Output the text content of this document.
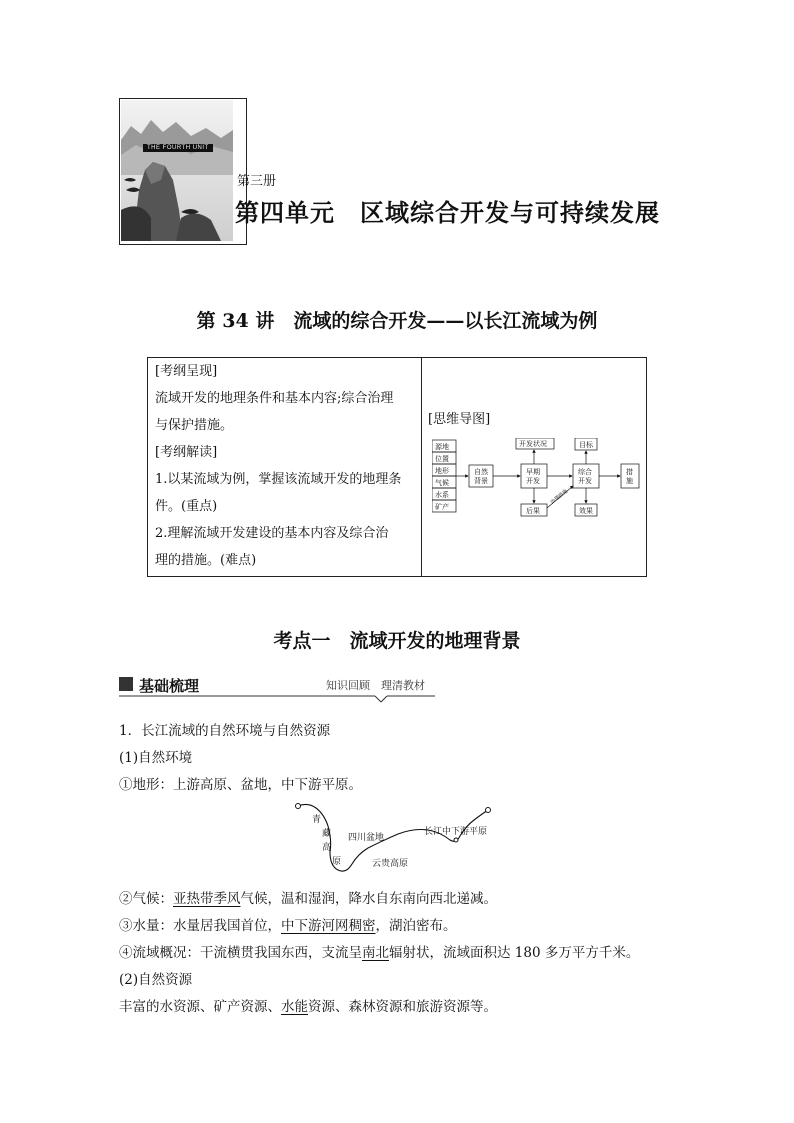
THE FOURTH UNIT
第三册
第四单元　区域综合开发与可持续发展
第 34 讲　流域的综合开发——以长江流域为例
[考纲呈现]
流域开发的地理条件和基本内容;综合治理
与保护措施。
[考纲解读]
1.以某流域为例，掌握该流域开发的地理条
件。(重点)
2.理解流域开发建设的基本内容及综合治
理的措施。(难点)
[思维导图]
源地
位置
地形
气候
水系
矿产
自然
背景
早期
开发
开发状况
后果
治理措施
综合
开发
目标
效果
措
施
考点一　流域开发的地理背景
基础梳理	知识回顾　理清教材
1．长江流域的自然环境与自然资源
(1)自然环境
①地形：上游高原、盆地，中下游平原。
青
藏
高
原
四川盆地
云贵高原
长江中下游平原
②气候：亚热带季风气候，温和湿润，降水自东南向西北递减。
③水量：水量居我国首位，中下游河网稠密，湖泊密布。
④流域概况：干流横贯我国东西，支流呈南北辐射状，流域面积达 180 多万平方千米。
(2)自然资源
丰富的水资源、矿产资源、水能资源、森林资源和旅游资源等。
